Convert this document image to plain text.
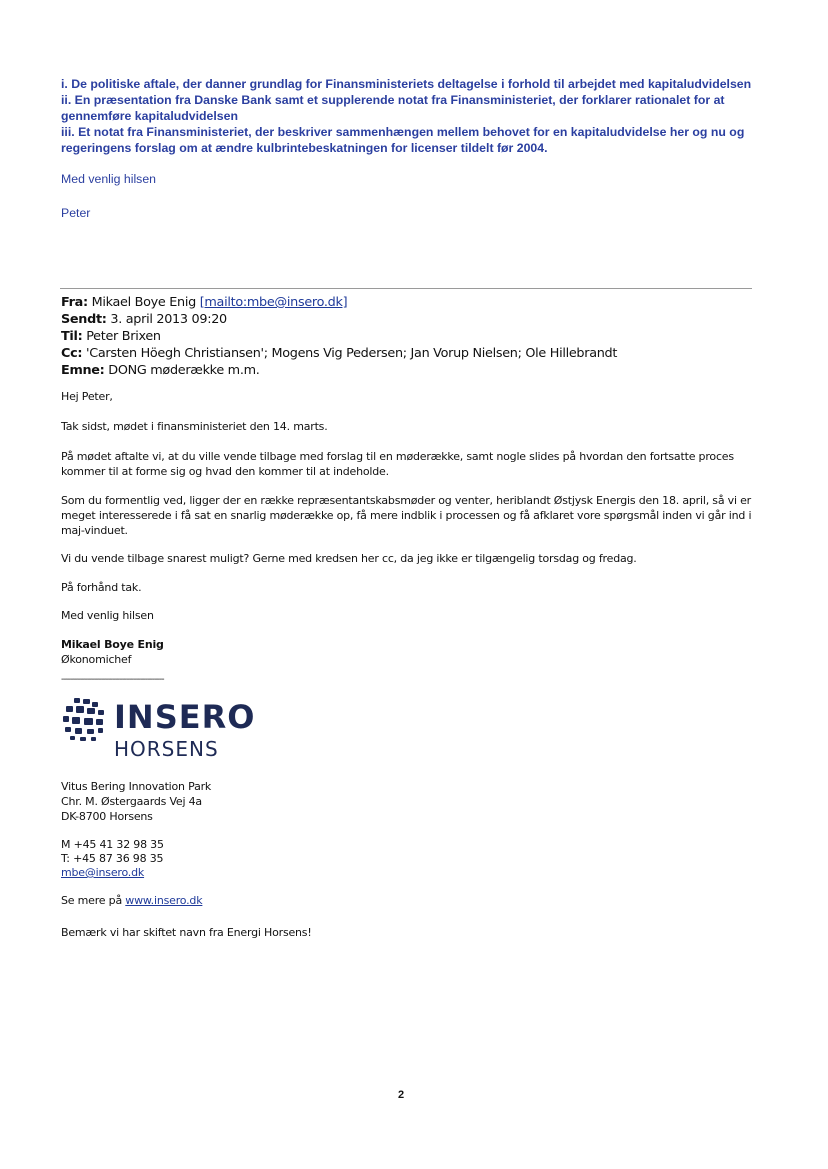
i. De politiske aftale, der danner grundlag for Finansministeriets deltagelse i forhold til arbejdet med kapitaludvidelsen

ii. En præsentation fra Danske Bank samt et supplerende notat fra Finansministeriet, der forklarer rationalet for at gennemføre kapitaludvidelsen

iii. Et notat fra Finansministeriet, der beskriver sammenhængen mellem behovet for en kapitaludvidelse her og nu og regeringens forslag om at ændre kulbrintebeskatningen for licenser tildelt før 2004.

Med venlig hilsen
Peter
Fra: Mikael Boye Enig [mailto:mbe@insero.dk]
Sendt: 3. april 2013 09:20
Til: Peter Brixen
Cc: 'Carsten Höegh Christiansen'; Mogens Vig Pedersen; Jan Vorup Nielsen; Ole Hillebrandt
Emne: DONG møderække m.m.
Hej Peter,
Tak sidst, mødet i finansministeriet den 14. marts.
På mødet aftalte vi, at du ville vende tilbage med forslag til en møderække, samt nogle slides på hvordan den fortsatte proces kommer til at forme sig og hvad den kommer til at indeholde.
Som du formentlig ved, ligger der en række repræsentantskabsmøder og venter, heriblandt Østjysk Energis den 18. april, så vi er meget interesserede i få sat en snarlig møderække op, få mere indblik i processen og få afklaret vore spørgsmål inden vi går ind i maj-vinduet.
Vi du vende tilbage snarest muligt? Gerne med kredsen her cc, da jeg ikke er tilgængelig torsdag og fredag.
På forhånd tak.
Med venlig hilsen
Mikael Boye Enig
Økonomichef
--------------------------------------------
INSERO
HORSENS
Vitus Bering Innovation Park
Chr. M. Østergaards Vej 4a
DK-8700 Horsens
M +45 41 32 98 35
T: +45 87 36 98 35
mbe@insero.dk
Se mere på www.insero.dk
Bemærk vi har skiftet navn fra Energi Horsens!
2
